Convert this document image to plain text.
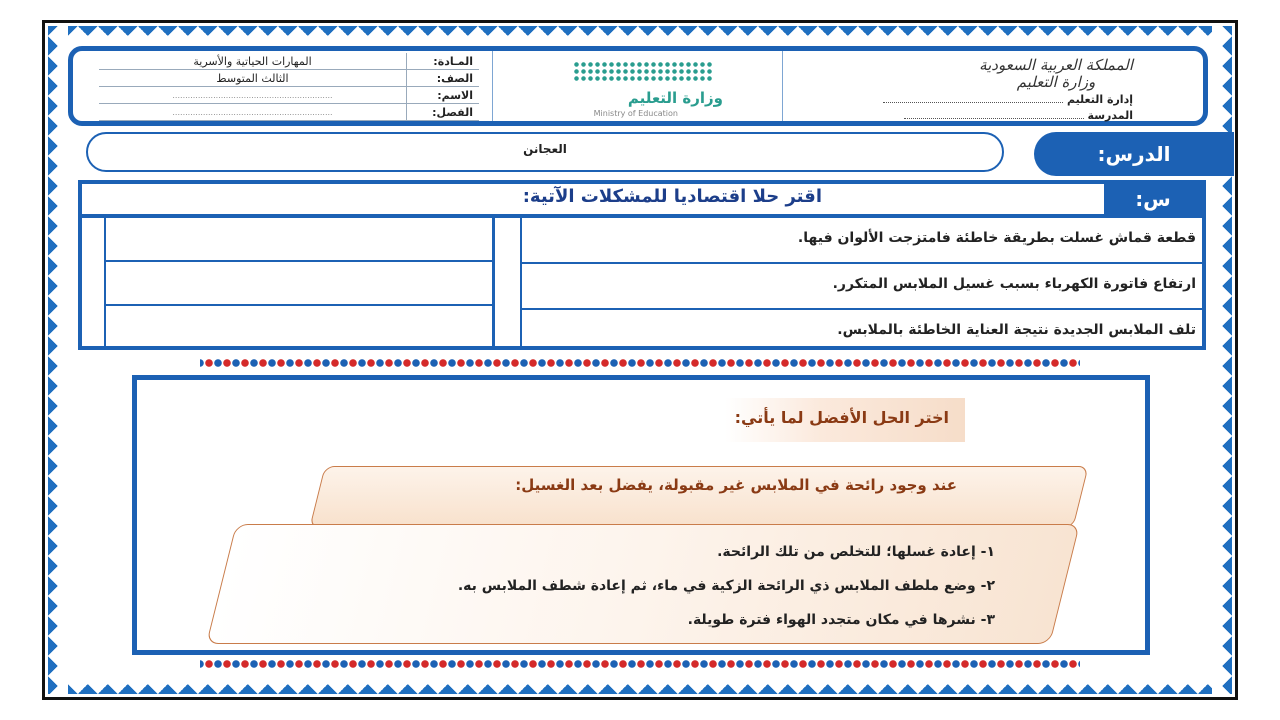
المملكة العربية السعودية
وزارة التعليم
إدارة التعليم
المدرسة
وزارة التعليم
Ministry of Education
المـادة:	المهارات الحياتية والأسرية
الصف:	الثالث المتوسط
الاسم:	...............................................................
الفصل:	...............................................................
الدرس:
العجانن
س:
اقتر حلا اقتصاديا للمشكلات الآتية:
قطعة قماش غسلت بطريقة خاطئة فامتزجت الألوان فيها.
ارتفاع فاتورة الكهرباء بسبب غسيل الملابس المتكرر.
تلف الملابس الجديدة نتيجة العناية الخاطئة بالملابس.
اختر الحل الأفضل لما يأتي:
عند وجود رائحة في الملابس غير مقبولة، يفضل بعد الغسيل:
١- إعادة غسلها؛ للتخلص من تلك الرائحة.
٢- وضع ملطف الملابس ذي الرائحة الزكية في ماء، ثم إعادة شطف الملابس به.
٣- نشرها في مكان متجدد الهواء فترة طويلة.
